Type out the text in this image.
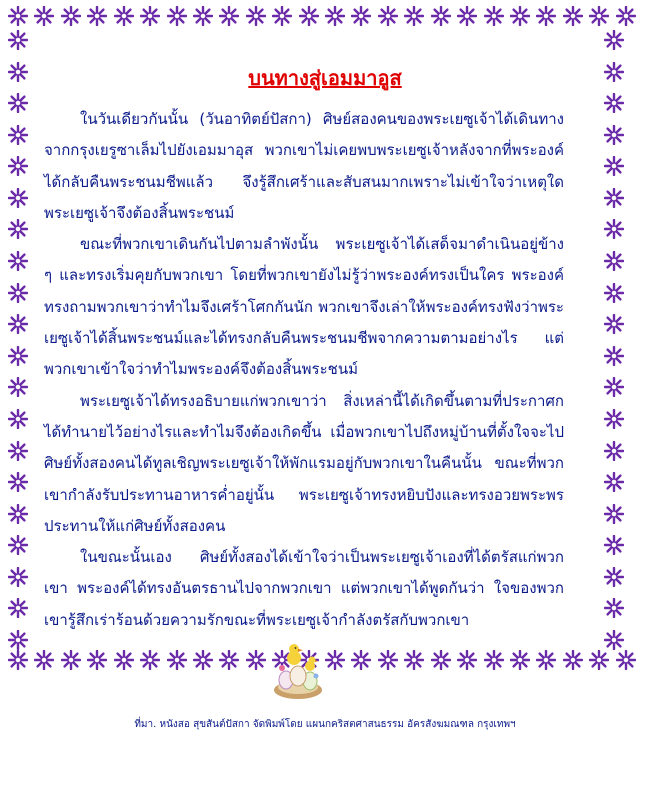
บนทางสู่เอมมาอูส

ในวันเดียวกันนั้น (วันอาทิตย์ปัสกา) ศิษย์สองคนของพระเยซูเจ้าได้เดินทางจากกรุงเยรูซาเล็มไปยังเอมมาอุส พวกเขาไม่เคยพบพระเยซูเจ้าหลังจากที่พระองค์ได้กลับคืนพระชนมชีพแล้ว จึงรู้สึกเศร้าและสับสนมากเพราะไม่เข้าใจว่าเหตุใดพระเยซูเจ้าจึงต้องสิ้นพระชนม์

ขณะที่พวกเขาเดินกันไปตามลำพังนั้น พระเยซูเจ้าได้เสด็จมาดำเนินอยู่ข้าง ๆ และทรงเริ่มคุยกับพวกเขา โดยที่พวกเขายังไม่รู้ว่าพระองค์ทรงเป็นใคร พระองค์ทรงถามพวกเขาว่าทำไมจึงเศร้าโศกกันนัก พวกเขาจึงเล่าให้พระองค์ทรงฟังว่าพระเยซูเจ้าได้สิ้นพระชนม์และได้ทรงกลับคืนพระชนมชีพจากความตามอย่างไร แต่พวกเขาเข้าใจว่าทำไมพระองค์จึงต้องสิ้นพระชนม์

พระเยซูเจ้าได้ทรงอธิบายแก่พวกเขาว่า สิ่งเหล่านี้ได้เกิดขึ้นตามที่ประกาศกได้ทำนายไว้อย่างไรและทำไมจึงต้องเกิดขึ้น เมื่อพวกเขาไปถึงหมู่บ้านที่ตั้งใจจะไป ศิษย์ทั้งสองคนได้ทูลเชิญพระเยซูเจ้าให้พักแรมอยู่กับพวกเขาในคืนนั้น ขณะที่พวกเขากำลังรับประทานอาหารค่ำอยู่นั้น พระเยซูเจ้าทรงหยิบปังและทรงอวยพระพร ประทานให้แก่ศิษย์ทั้งสองคน

ในขณะนั้นเอง ศิษย์ทั้งสองได้เข้าใจว่าเป็นพระเยซูเจ้าเองที่ได้ตรัสแก่พวกเขา พระองค์ได้ทรงอันตรธานไปจากพวกเขา แต่พวกเขาได้พูดกันว่า ใจของพวกเขารู้สึกเร่าร้อนด้วยความรักขณะที่พระเยซูเจ้ากำลังตรัสกับพวกเขา

ที่มา. หนังสอ สุขสันต์ปัสกา จัดพิมพ์โดย แผนกคริสตศาสนธรรม อัครสังฆมณฑล กรุงเทพฯ
